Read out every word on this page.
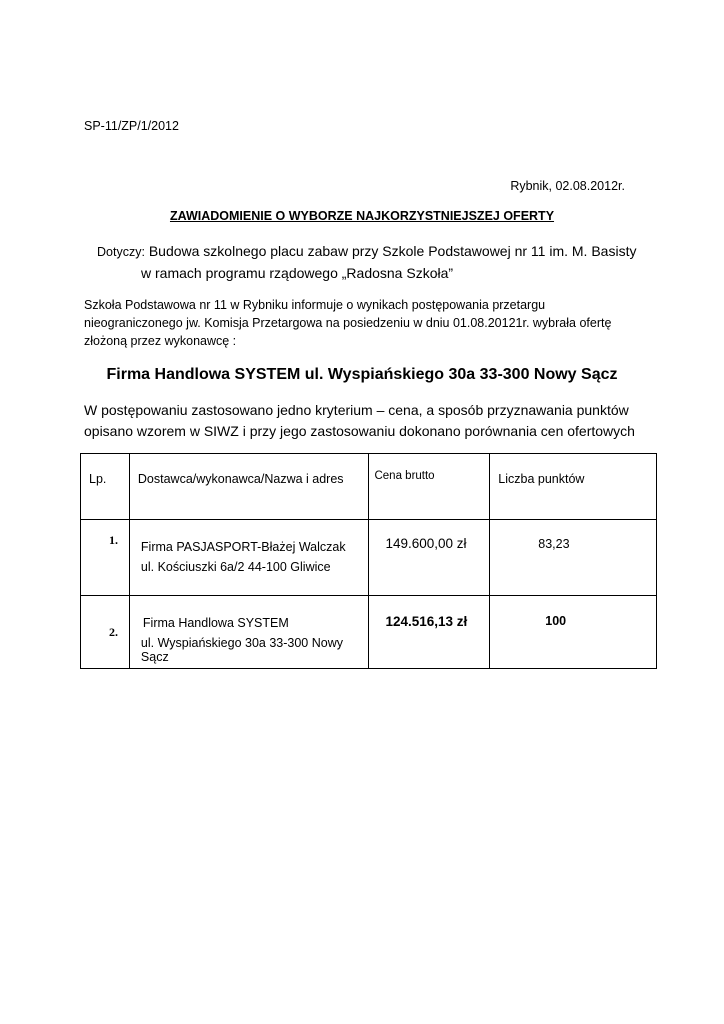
SP-11/ZP/1/2012
Rybnik, 02.08.2012r.
ZAWIADOMIENIE O WYBORZE NAJKORZYSTNIEJSZEJ OFERTY
Dotyczy: Budowa szkolnego placu zabaw przy Szkole Podstawowej nr 11 im. M. Basisty
w ramach programu rządowego „Radosna Szkoła”
Szkoła Podstawowa nr 11 w Rybniku informuje o wynikach postępowania przetargu
nieograniczonego jw. Komisja Przetargowa na posiedzeniu w dniu 01.08.20121r. wybrała ofertę
złożoną przez wykonawcę :
Firma Handlowa SYSTEM ul. Wyspiańskiego 30a 33-300 Nowy Sącz
W postępowaniu zastosowano jedno kryterium – cena, a sposób przyznawania punktów
opisano wzorem w SIWZ i przy jego zastosowaniu dokonano porównania cen ofertowych
Lp.	Dostawca/wykonawca/Nazwa i adres	Cena brutto	Liczba punktów

1.	Firma PASJASPORT-Błażej Walczak
ul. Kościuszki 6a/2 44-100 Gliwice	149.600,00 zł	83,23

2.	Firma Handlowa SYSTEM
ul. Wyspiańskiego 30a 33-300 Nowy Sącz	124.516,13 zł	100
